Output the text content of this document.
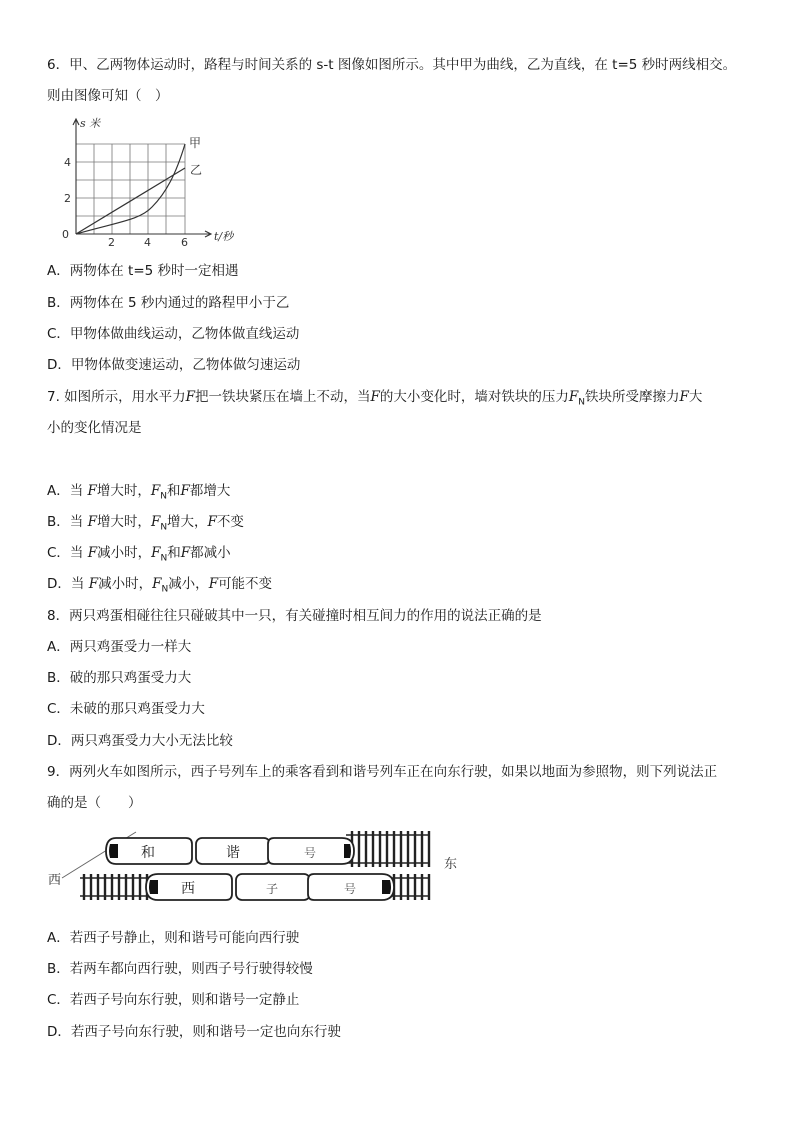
6．甲、乙两物体运动时，路程与时间关系的 s-t 图像如图所示。其中甲为曲线，乙为直线，在 t=5 秒时两线相交。
则由图像可知（　）
s 米
甲
乙
0
2
4
2	4	6 t/秒
A．两物体在 t=5 秒时一定相遇
B．两物体在 5 秒内通过的路程甲小于乙
C．甲物体做曲线运动，乙物体做直线运动
D．甲物体做变速运动，乙物体做匀速运动
7. 如图所示，用水平力F把一铁块紧压在墙上不动，当F的大小变化时，墙对铁块的压力$F_N$铁块所受摩擦力F大
小的变化情况是
A．当 F增大时，$F_N$和F都增大
B．当 F增大时，$F_N$增大，F不变
C．当 F减小时，$F_N$和F都减小
D．当 F减小时，$F_N$减小，F可能不变
8．两只鸡蛋相碰往往只碰破其中一只，有关碰撞时相互间力的作用的说法正确的是
A．两只鸡蛋受力一样大
B．破的那只鸡蛋受力大
C．未破的那只鸡蛋受力大
D．两只鸡蛋受力大小无法比较
9．两列火车如图所示，西子号列车上的乘客看到和谐号列车正在向东行驶，如果以地面为参照物，则下列说法正
确的是（　　）
西
东
和	谐	号
西	子	号
A．若西子号静止，则和谐号可能向西行驶
B．若两车都向西行驶，则西子号行驶得较慢
C．若西子号向东行驶，则和谐号一定静止
D．若西子号向东行驶，则和谐号一定也向东行驶
